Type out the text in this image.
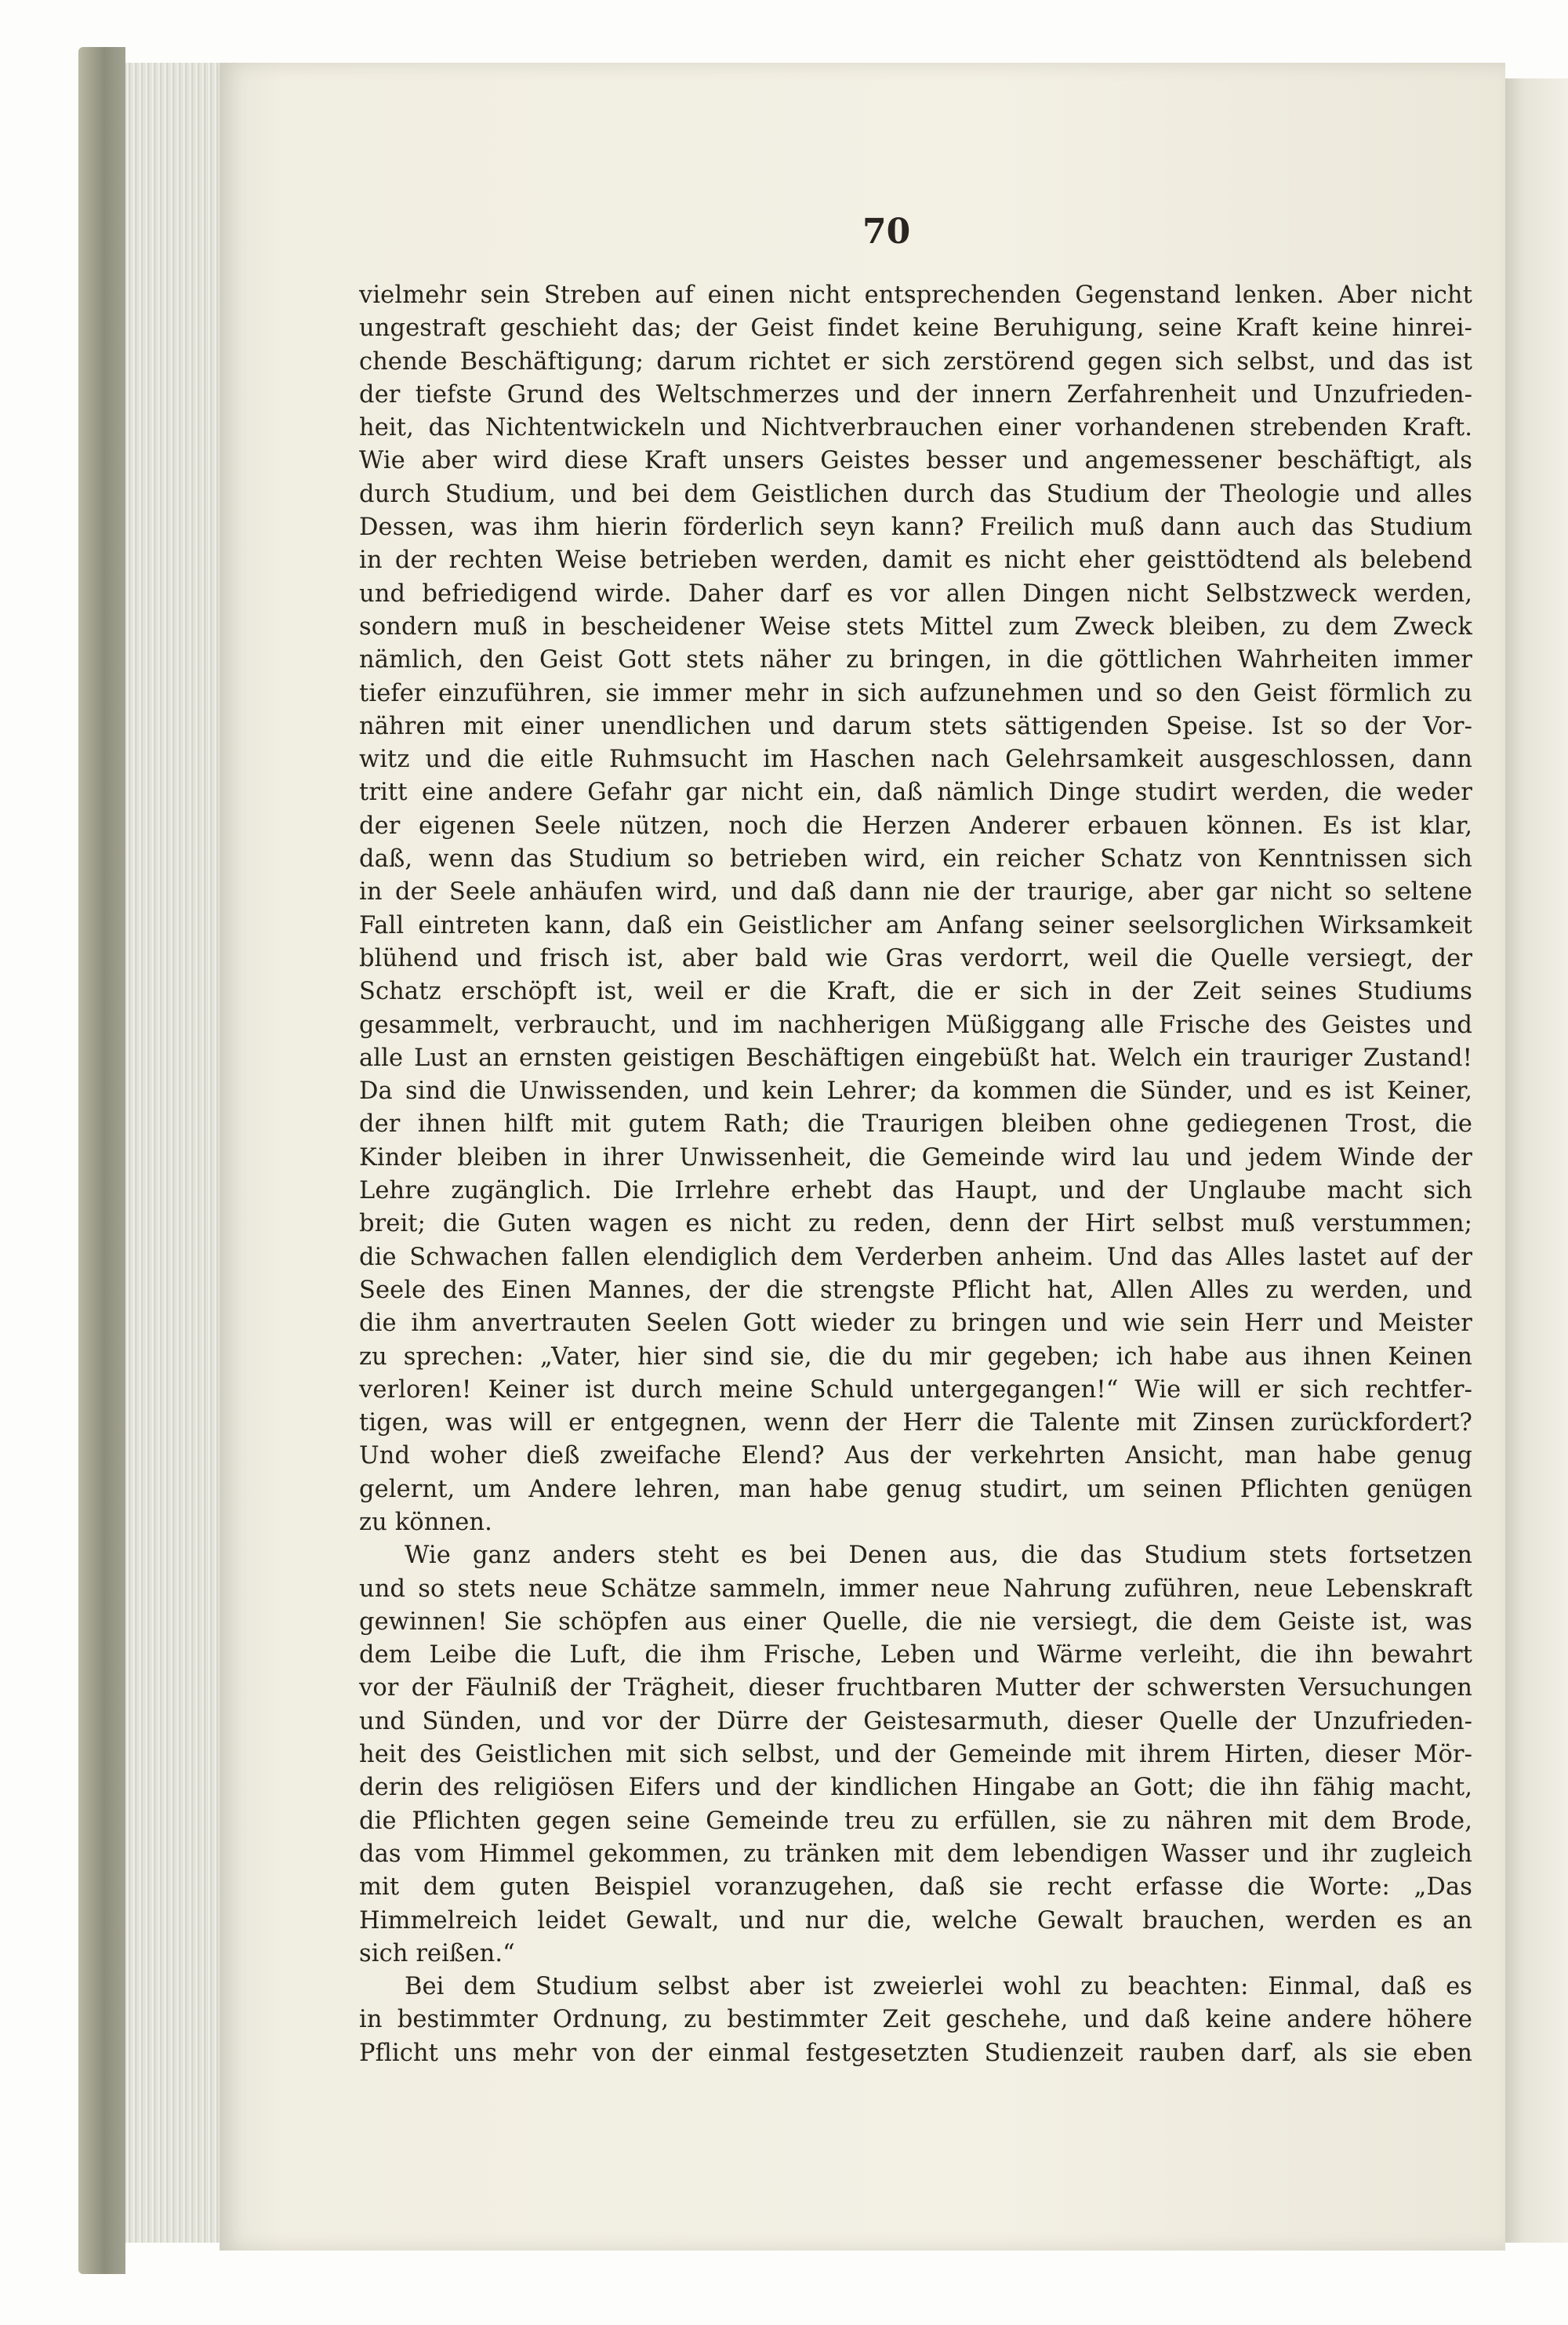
70
vielmehr sein Streben auf einen nicht entsprechenden Gegenstand lenken. Aber nicht
ungestraft geschieht das; der Geist findet keine Beruhigung, seine Kraft keine hinrei-
chende Beschäftigung; darum richtet er sich zerstörend gegen sich selbst, und das ist
der tiefste Grund des Weltschmerzes und der innern Zerfahrenheit und Unzufrieden-
heit, das Nichtentwickeln und Nichtverbrauchen einer vorhandenen strebenden Kraft.
Wie aber wird diese Kraft unsers Geistes besser und angemessener beschäftigt, als
durch Studium, und bei dem Geistlichen durch das Studium der Theologie und alles
Dessen, was ihm hierin förderlich seyn kann? Freilich muß dann auch das Studium
in der rechten Weise betrieben werden, damit es nicht eher geisttödtend als belebend
und befriedigend wirde. Daher darf es vor allen Dingen nicht Selbstzweck werden,
sondern muß in bescheidener Weise stets Mittel zum Zweck bleiben, zu dem Zweck
nämlich, den Geist Gott stets näher zu bringen, in die göttlichen Wahrheiten immer
tiefer einzuführen, sie immer mehr in sich aufzunehmen und so den Geist förmlich zu
nähren mit einer unendlichen und darum stets sättigenden Speise. Ist so der Vor-
witz und die eitle Ruhmsucht im Haschen nach Gelehrsamkeit ausgeschlossen, dann
tritt eine andere Gefahr gar nicht ein, daß nämlich Dinge studirt werden, die weder
der eigenen Seele nützen, noch die Herzen Anderer erbauen können. Es ist klar,
daß, wenn das Studium so betrieben wird, ein reicher Schatz von Kenntnissen sich
in der Seele anhäufen wird, und daß dann nie der traurige, aber gar nicht so seltene
Fall eintreten kann, daß ein Geistlicher am Anfang seiner seelsorglichen Wirksamkeit
blühend und frisch ist, aber bald wie Gras verdorrt, weil die Quelle versiegt, der
Schatz erschöpft ist, weil er die Kraft, die er sich in der Zeit seines Studiums
gesammelt, verbraucht, und im nachherigen Müßiggang alle Frische des Geistes und
alle Lust an ernsten geistigen Beschäftigen eingebüßt hat. Welch ein trauriger Zustand!
Da sind die Unwissenden, und kein Lehrer; da kommen die Sünder, und es ist Keiner,
der ihnen hilft mit gutem Rath; die Traurigen bleiben ohne gediegenen Trost, die
Kinder bleiben in ihrer Unwissenheit, die Gemeinde wird lau und jedem Winde der
Lehre zugänglich. Die Irrlehre erhebt das Haupt, und der Unglaube macht sich
breit; die Guten wagen es nicht zu reden, denn der Hirt selbst muß verstummen;
die Schwachen fallen elendiglich dem Verderben anheim. Und das Alles lastet auf der
Seele des Einen Mannes, der die strengste Pflicht hat, Allen Alles zu werden, und
die ihm anvertrauten Seelen Gott wieder zu bringen und wie sein Herr und Meister
zu sprechen: „Vater, hier sind sie, die du mir gegeben; ich habe aus ihnen Keinen
verloren! Keiner ist durch meine Schuld untergegangen!“ Wie will er sich rechtfer-
tigen, was will er entgegnen, wenn der Herr die Talente mit Zinsen zurückfordert?
Und woher dieß zweifache Elend? Aus der verkehrten Ansicht, man habe genug
gelernt, um Andere lehren, man habe genug studirt, um seinen Pflichten genügen
zu können.
Wie ganz anders steht es bei Denen aus, die das Studium stets fortsetzen
und so stets neue Schätze sammeln, immer neue Nahrung zuführen, neue Lebenskraft
gewinnen! Sie schöpfen aus einer Quelle, die nie versiegt, die dem Geiste ist, was
dem Leibe die Luft, die ihm Frische, Leben und Wärme verleiht, die ihn bewahrt
vor der Fäulniß der Trägheit, dieser fruchtbaren Mutter der schwersten Versuchungen
und Sünden, und vor der Dürre der Geistesarmuth, dieser Quelle der Unzufrieden-
heit des Geistlichen mit sich selbst, und der Gemeinde mit ihrem Hirten, dieser Mör-
derin des religiösen Eifers und der kindlichen Hingabe an Gott; die ihn fähig macht,
die Pflichten gegen seine Gemeinde treu zu erfüllen, sie zu nähren mit dem Brode,
das vom Himmel gekommen, zu tränken mit dem lebendigen Wasser und ihr zugleich
mit dem guten Beispiel voranzugehen, daß sie recht erfasse die Worte: „Das
Himmelreich leidet Gewalt, und nur die, welche Gewalt brauchen, werden es an
sich reißen.“
Bei dem Studium selbst aber ist zweierlei wohl zu beachten: Einmal, daß es
in bestimmter Ordnung, zu bestimmter Zeit geschehe, und daß keine andere höhere
Pflicht uns mehr von der einmal festgesetzten Studienzeit rauben darf, als sie eben
